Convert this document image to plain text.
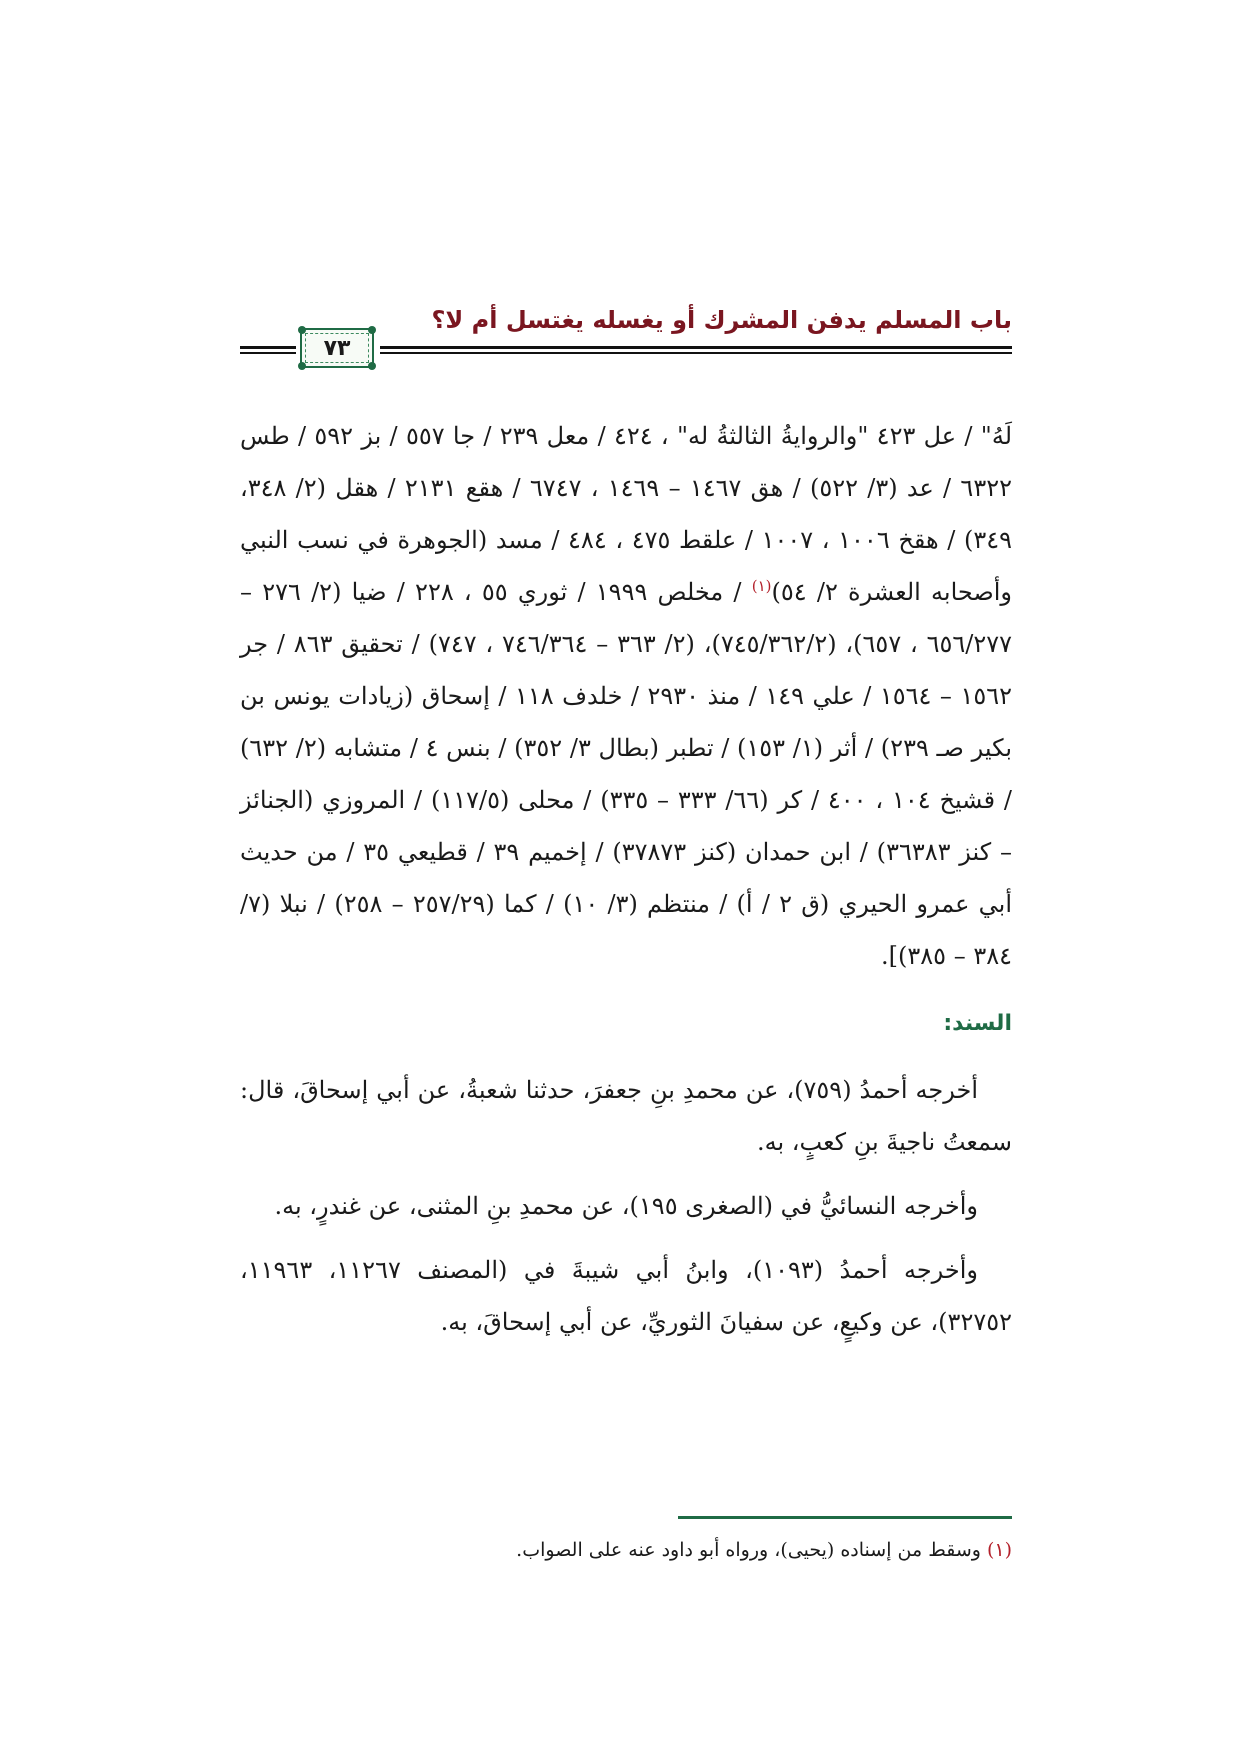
باب المسلم يدفن المشرك أو يغسله يغتسل أم لا؟
٧٣

لَهُ" / عل ٤٢٣ "والروايةُ الثالثةُ له" ، ٤٢٤ / معل ٢٣٩ / جا ٥٥٧ / بز ٥٩٢ / طس ٦٣٢٢ / عد (٣/ ٥٢٢) / هق ١٤٦٧ – ١٤٦٩ ، ٦٧٤٧ / هقع ٢١٣١ / هقل (٢/ ٣٤٨، ٣٤٩) / هقخ ١٠٠٦ ، ١٠٠٧ / علقط ٤٧٥ ، ٤٨٤ / مسد (الجوهرة في نسب النبي وأصحابه العشرة ٢/ ٥٤)$^{(١)}$ / مخلص ١٩٩٩ / ثوري ٥٥ ، ٢٢٨ / ضيا (٢/ ٢٧٦ – ٦٥٦/٢٧٧ ، ٦٥٧)، (٧٤٥/٣٦٢/٢)، (٢/ ٣٦٣ – ٧٤٦/٣٦٤ ، ٧٤٧) / تحقيق ٨٦٣ / جر ١٥٦٢ – ١٥٦٤ / علي ١٤٩ / منذ ٢٩٣٠ / خلدف ١١٨ / إسحاق (زيادات يونس بن بكير صـ ٢٣٩) / أثر (١/ ١٥٣) / تطبر (بطال ٣/ ٣٥٢) / بنس ٤ / متشابه (٢/ ٦٣٢) / قشيخ ١٠٤ ، ٤٠٠ / كر (٦٦/ ٣٣٣ – ٣٣٥) / محلى (١١٧/٥) / المروزي (الجنائز – كنز ٣٦٣٨٣) / ابن حمدان (كنز ٣٧٨٧٣) / إخميم ٣٩ / قطيعي ٣٥ / من حديث أبي عمرو الحيري (ق ٢ / أ) / منتظم (٣/ ١٠) / كما (٢٥٧/٢٩ – ٢٥٨) / نبلا (٧/ ٣٨٤ – ٣٨٥)].

السند:

أخرجه أحمدُ (٧٥٩)، عن محمدِ بنِ جعفرَ، حدثنا شعبةُ، عن أبي إسحاقَ، قال: سمعتُ ناجيةَ بنِ كعبٍ، به.

وأخرجه النسائيُّ في (الصغرى ١٩٥)، عن محمدِ بنِ المثنى، عن غندرٍ، به.

وأخرجه أحمدُ (١٠٩٣)، وابنُ أبي شيبةَ في (المصنف ١١٢٦٧، ١١٩٦٣، ٣٢٧٥٢)، عن وكيعٍ، عن سفيانَ الثوريِّ، عن أبي إسحاقَ، به.

(١)وسقط من إسناده (يحيى)، ورواه أبو داود عنه على الصواب.
